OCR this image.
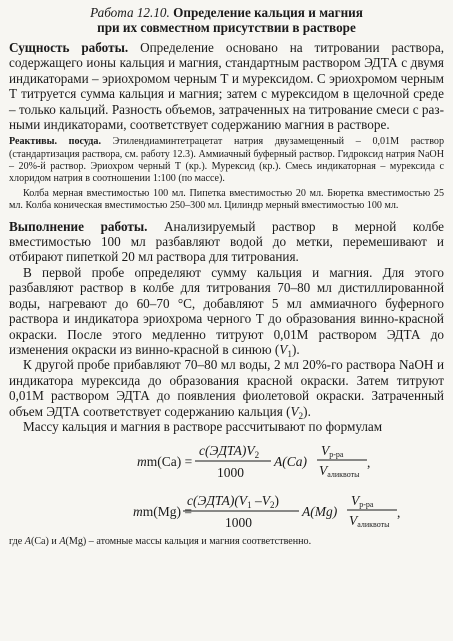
Работа 12.10. Определение кальция и магния
при их совместном присутствии в растворе

Сущность работы. Определение основано на титровании раствора, содержащего ионы кальция и магния, стандартным раствором ЭДТА с двумя индикаторами – эриохромом черным Т и мурексидом. С эриохромом черным Т титруется сумма кальция и магния; затем с мурексидом в щелочной среде – только кальций. Разность объемов, затраченных на титрование смеси с разными индикаторами, соответствует содержанию магния в растворе.

Реактивы. посуда. Этилендиаминтетрацетат натрия двузамещенный – 0,01М раствор (стандартизация раствора, см. работу 12.3). Аммиачный буферный раствор. Гидроксид натрия NaOH – 20%-й раствор. Эриохром черный Т (кр.). Мурексид (кр.). Смесь индикаторная – мурексида с хлоридом натрия в соотношении 1:100 (по массе).

Колба мерная вместимостью 100 мл. Пипетка вместимостью 20 мл. Бюретка вместимостью 25 мл. Колба коническая вместимостью 250–300 мл. Цилиндр мерный вместимостью 100 мл.

Выполнение работы. Анализируемый раствор в мерной колбе вместимостью 100 мл разбавляют водой до метки, перемешивают и отбирают пипеткой 20 мл раствора для титрования.

В первой пробе определяют сумму кальция и магния. Для этого разбавляют раствор в колбе для титрования 70–80 мл дистиллированной воды, нагревают до 60–70 °С, добавляют 5 мл аммиачного буферного раствора и индикатора эриохрома черного Т до образования винно-красной окраски. После этого медленно титруют 0,01М раствором ЭДТА до изменения окраски из винно-красной в синюю $(V_1)$.

К другой пробе прибавляют 70–80 мл воды, 2 мл 20%-го раствора NaOH и индикатора мурексида до образования красной окраски. Затем титруют 0,01М раствором ЭДТА до появления фиолетовой окраски. Затраченный объем ЭДТА соответствует содержанию кальция $(V_2)$.

Массу кальция и магния в растворе рассчитывают по формулам

mm(Ca) =
$c(ЭДТА)V_2$
1000
A(Ca)
Vр-ра
Vаликвоты
,
mm(Mg) =
$c(ЭДТА)(V_1$ $-V_2$)
1000
A(Mg)
Vр-ра
Vаликвоты
,

где A(Ca) и A(Mg) – атомные массы кальция и магния соответственно.
